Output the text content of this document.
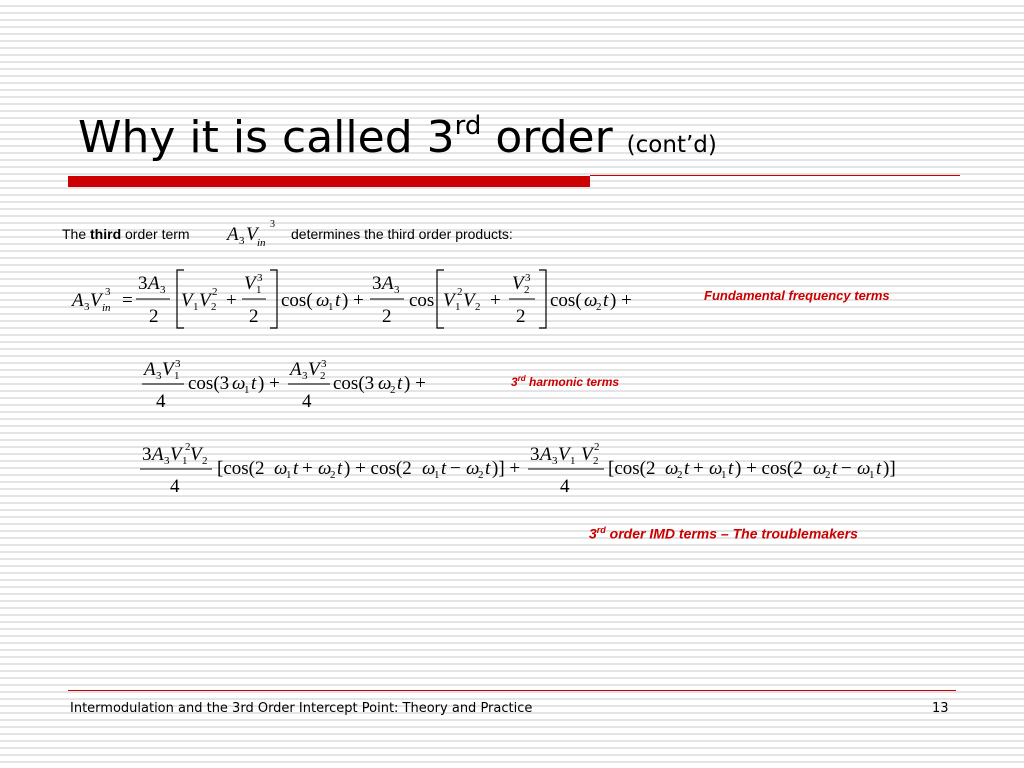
Why it is called 3rd order (cont’d)
The third order term A 3 V in
3
determines the third order products:
A 3 V in
3 =
3 A 3
2
V 1 V 2
2 +
V 1
3
2
cos( ω
1 t ) +
3 A 3
2
cos V 1
2 V 2 +
V 2
3
2
cos( ω
2 t ) +	Fundamental frequency terms
A 3 V 1
3
4
cos(3 ω
1 t ) +
A 3 V 2
3
4
cos(3 ω
2 t ) +	3rd harmonic terms
3 A 3 V 1
2 V 2
4
[cos(2 ω
1 t + ω
2 t ) + cos(2 ω
1 t − ω
2 t )] +
3 A 3 V 1 V 2
2
4
[cos(2 ω
2 t + ω
1 t ) + cos(2 ω
2 t − ω
1 t )]
3rd order IMD terms – The troublemakers
Intermodulation and the 3rd Order Intercept Point: Theory and Practice	13
